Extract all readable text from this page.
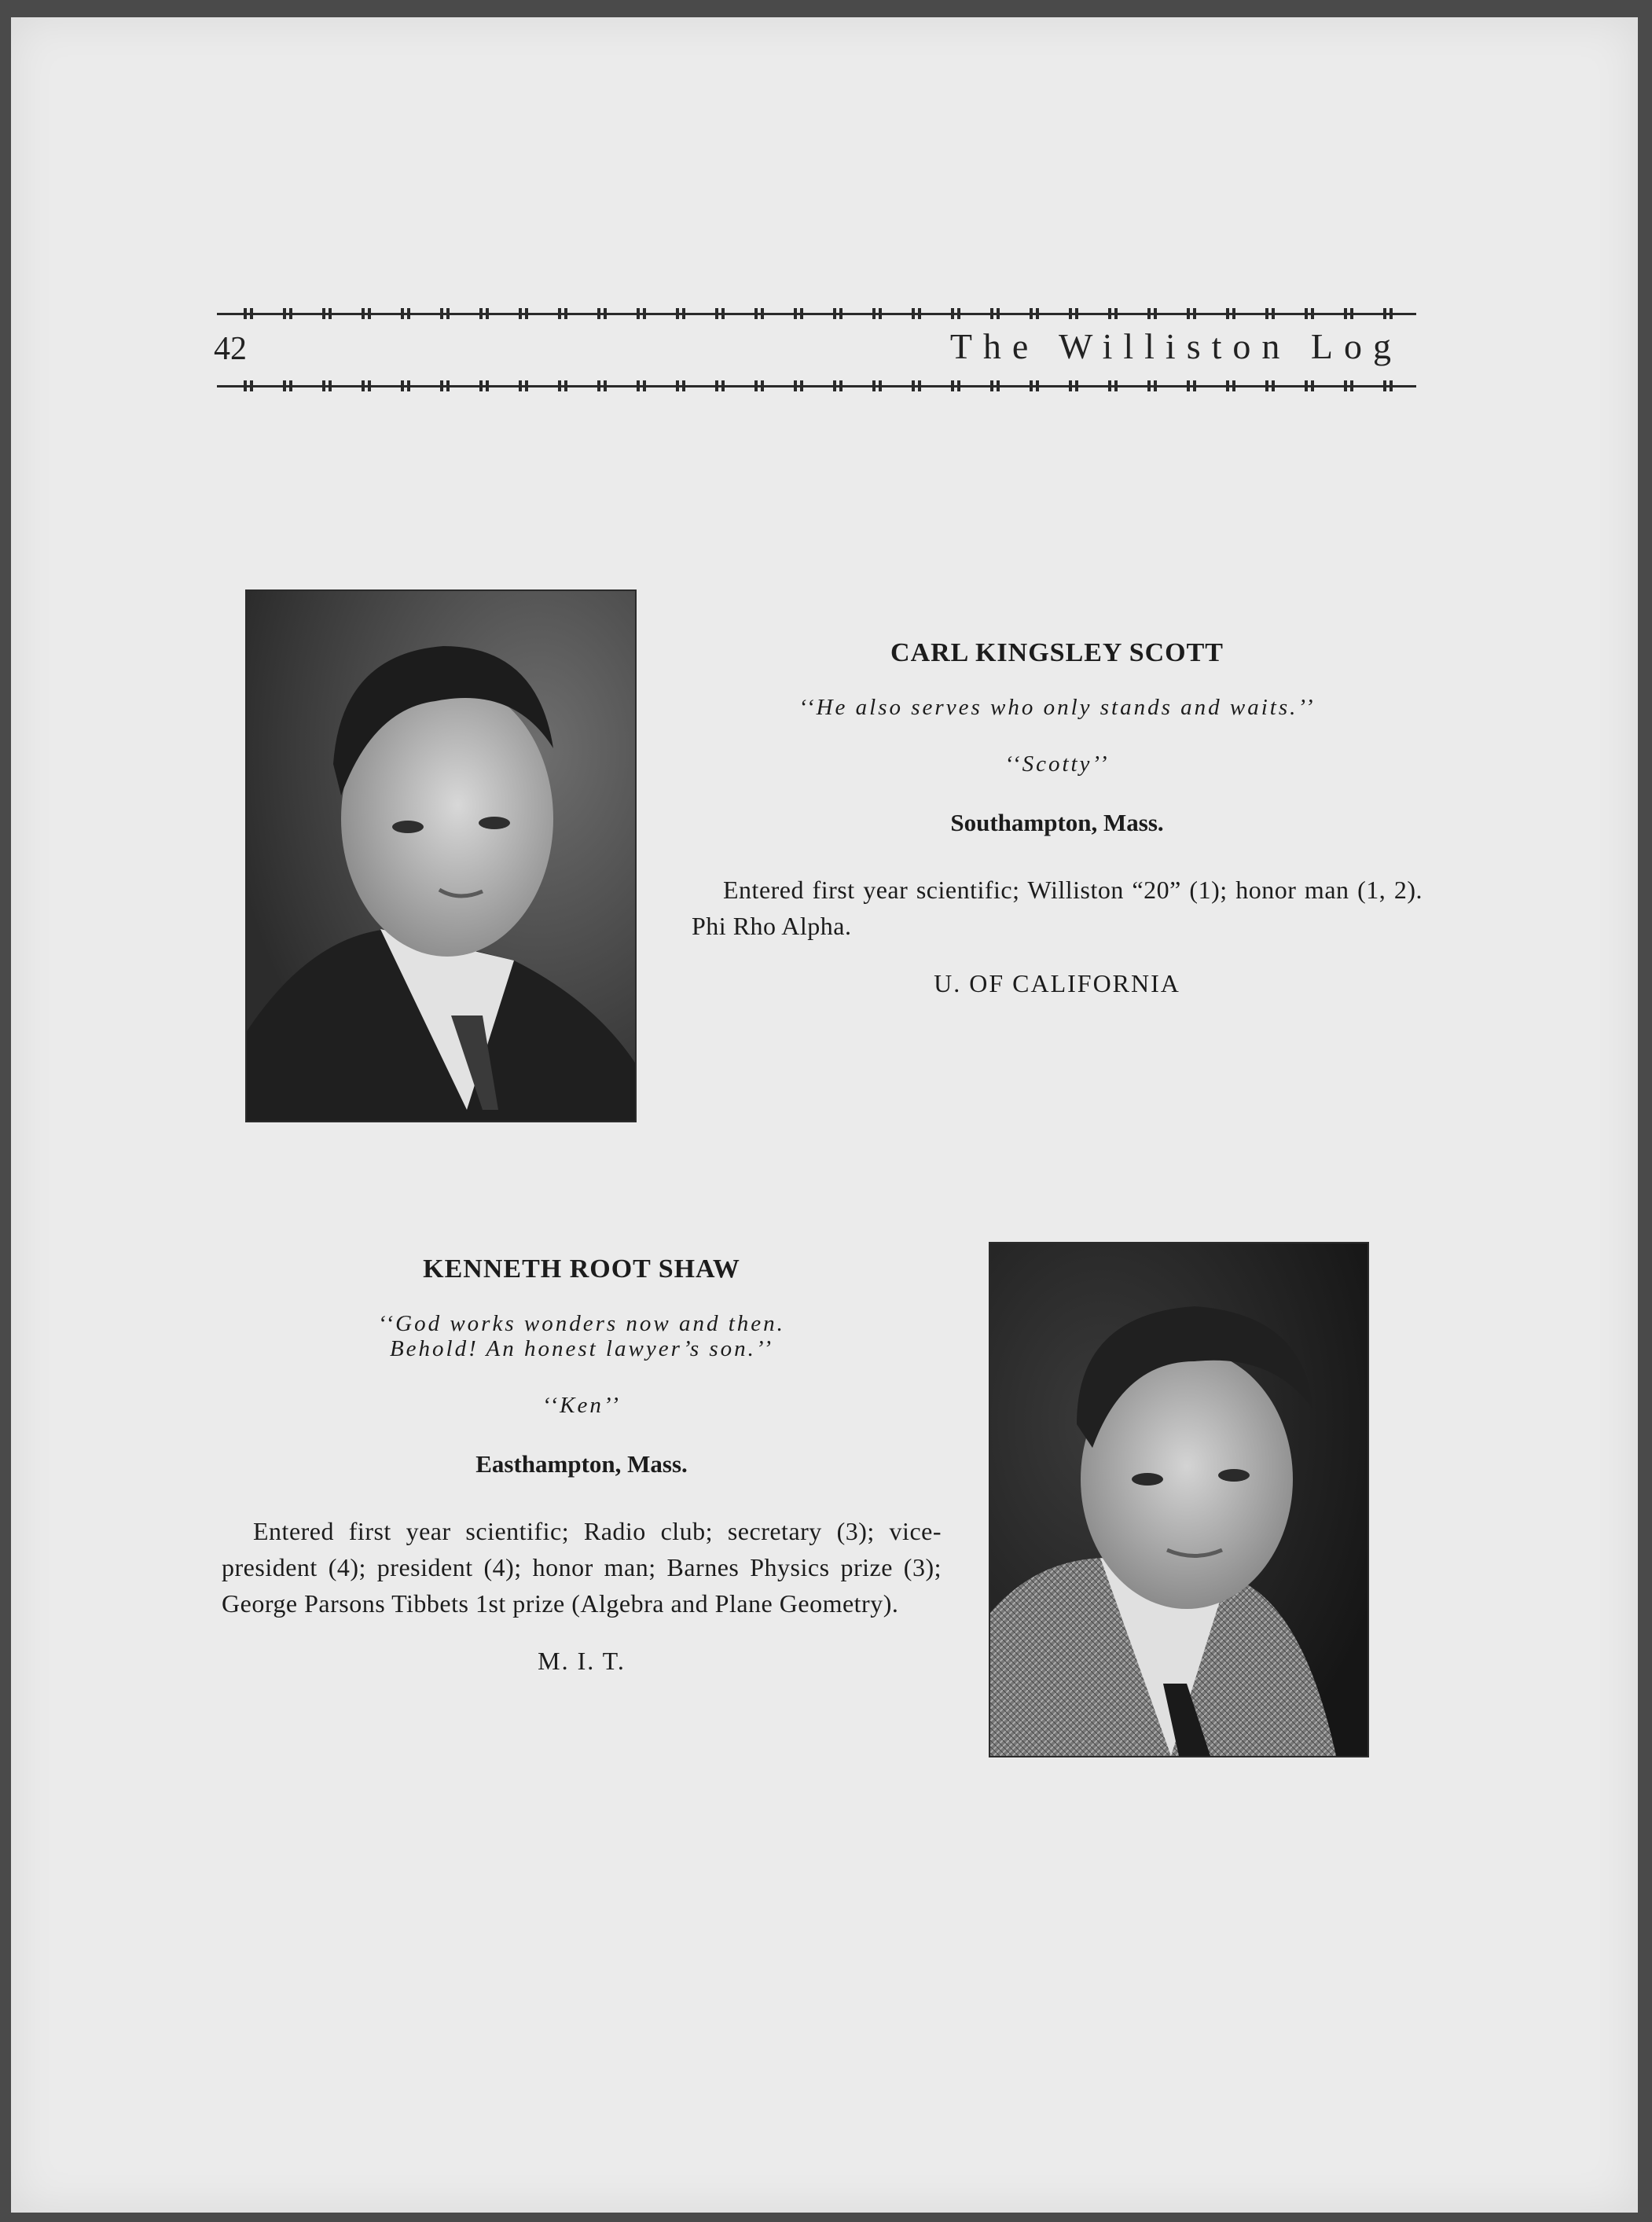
42	The Williston Log

CARL KINGSLEY SCOTT

‘‘He also serves who only stands and waits.’’

‘‘Scotty’’

Southampton, Mass.

Entered first year scientific; Williston “20” (1); honor man (1, 2). Phi Rho Alpha.

U. OF CALIFORNIA

KENNETH ROOT SHAW

‘‘God works wonders now and then.
Behold! An honest lawyer’s son.’’

‘‘Ken’’

Easthampton, Mass.

Entered first year scientific; Radio club; secretary (3); vice-president (4); president (4); honor man; Barnes Physics prize (3); George Parsons Tibbets 1st prize (Algebra and Plane Geometry).

M. I. T.
